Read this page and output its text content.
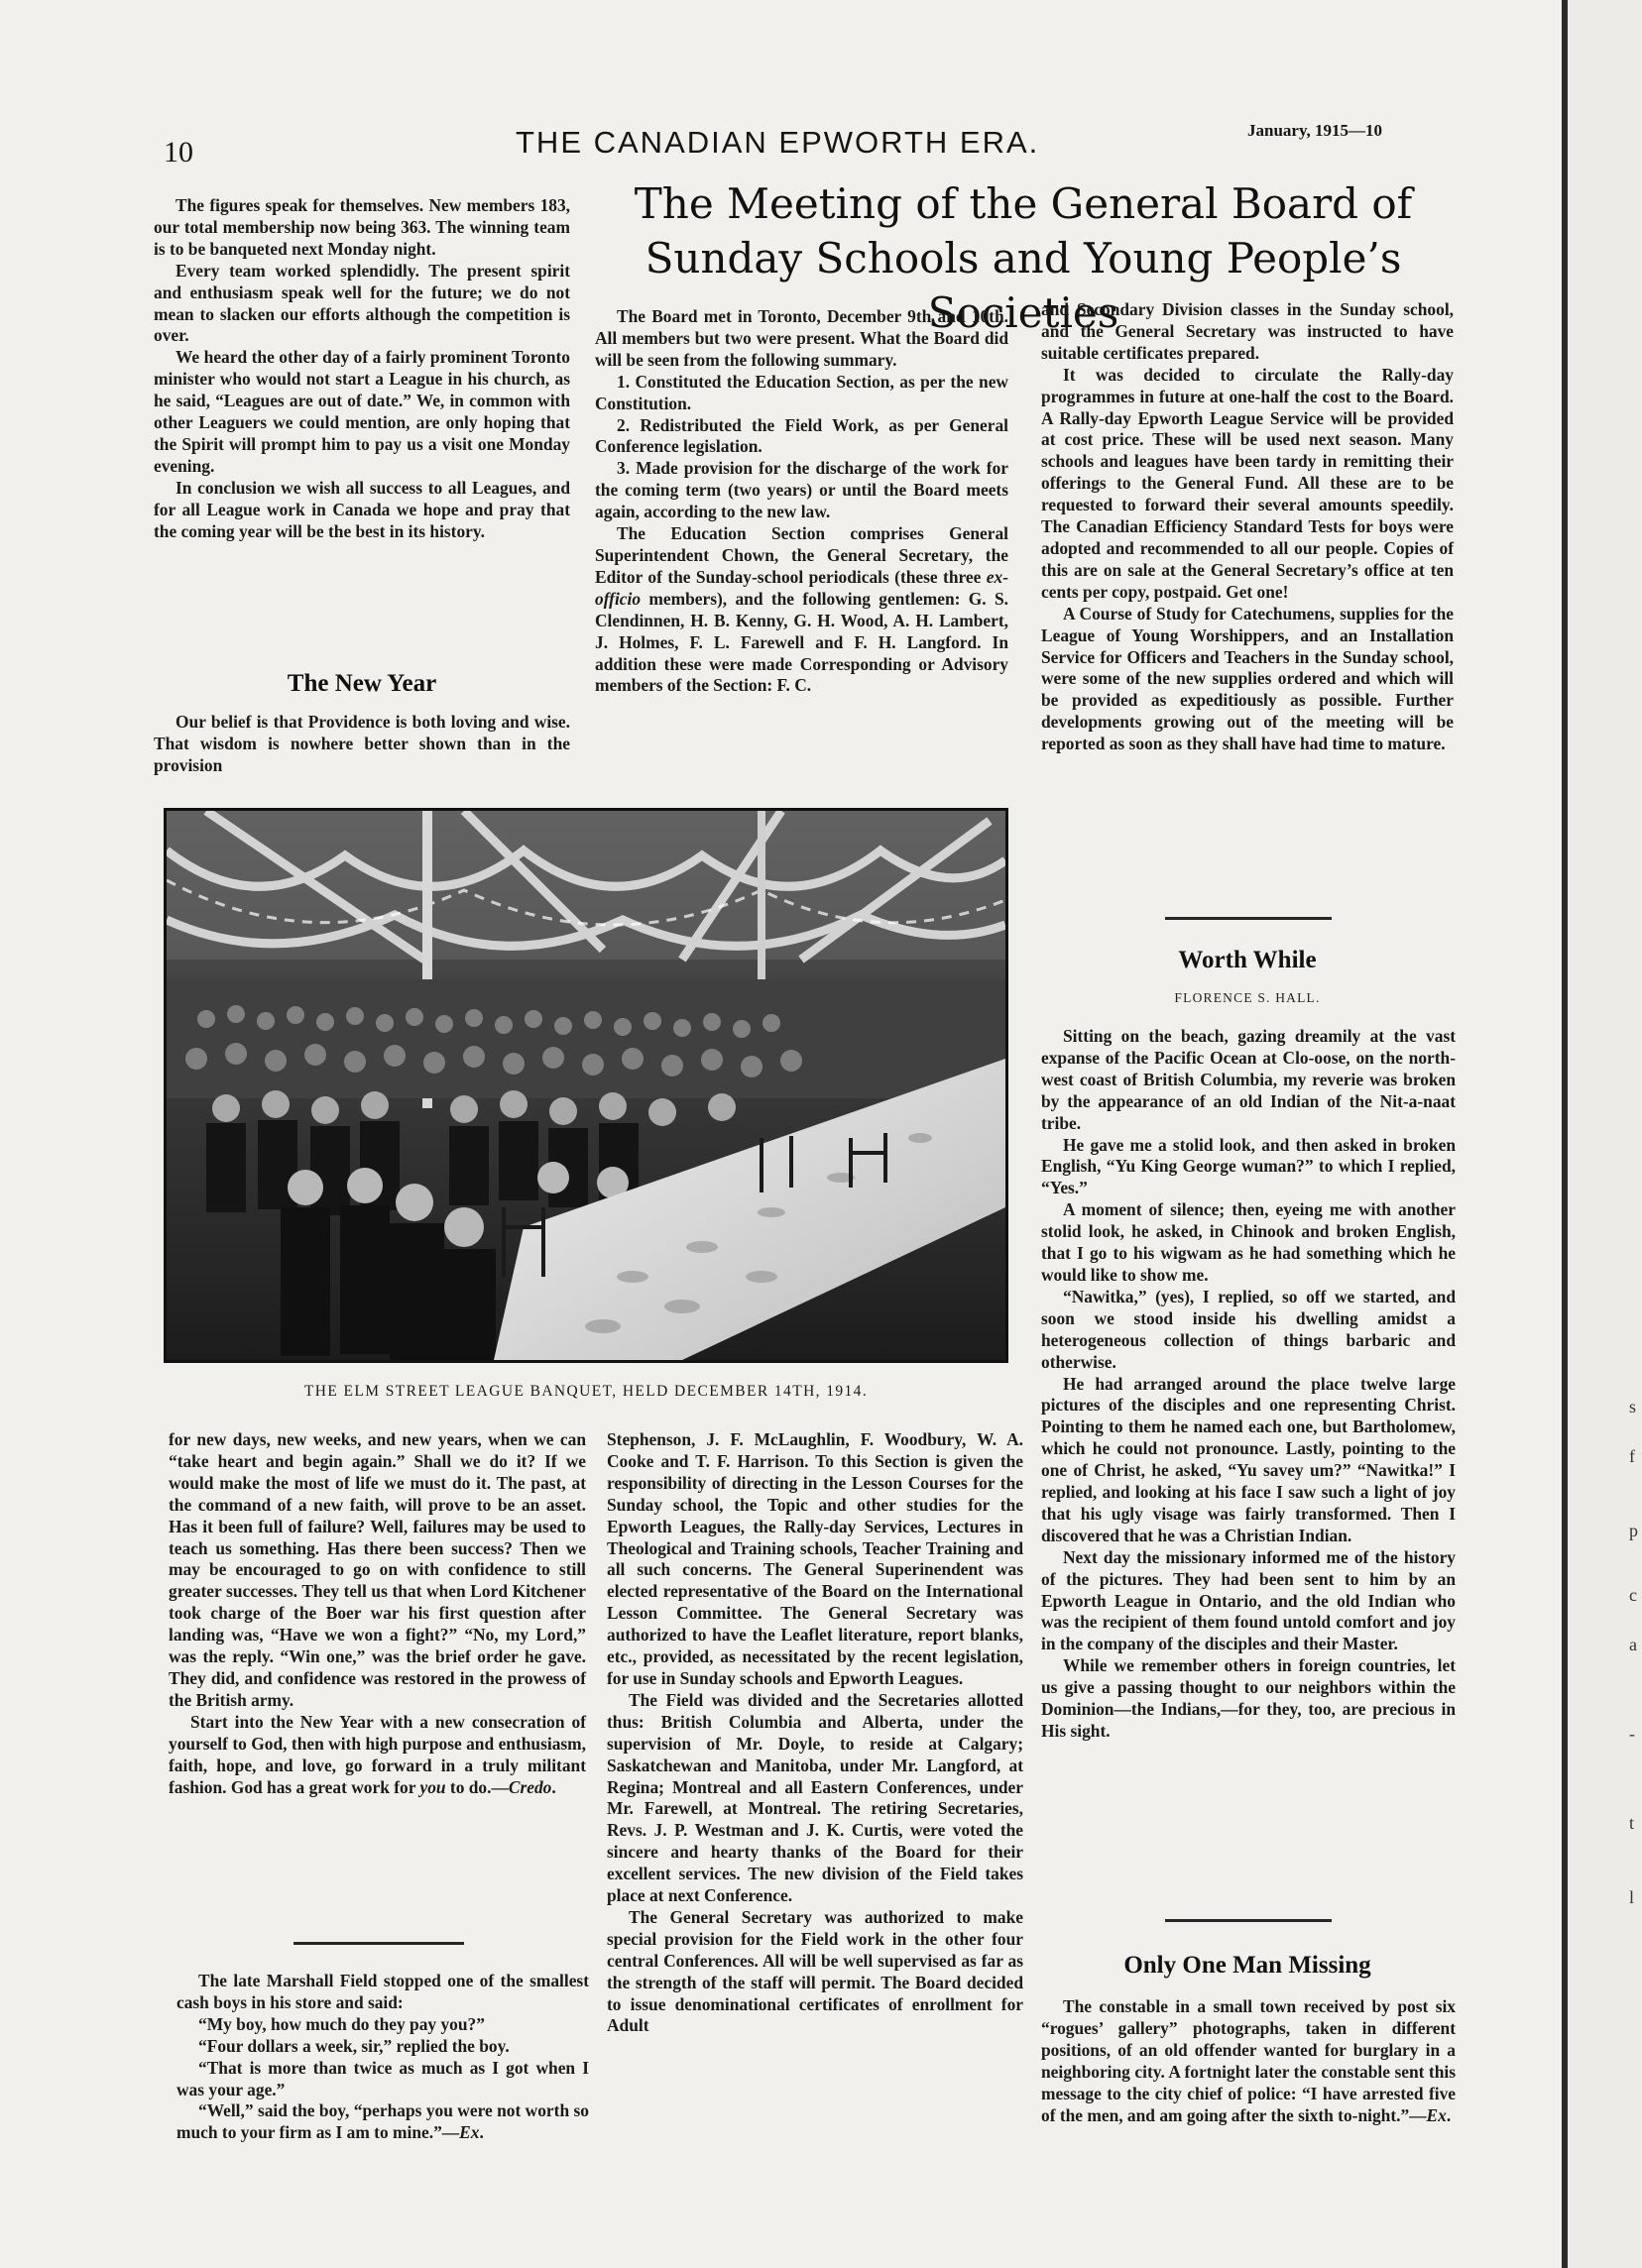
10	THE CANADIAN EPWORTH ERA.	January, 1915—10

The figures speak for themselves. New members 183, our total membership now being 363. The winning team is to be banqueted next Monday night.

Every team worked splendidly. The present spirit and enthusiasm speak well for the future; we do not mean to slacken our efforts although the competition is over.

We heard the other day of a fairly prominent Toronto minister who would not start a League in his church, as he said, “Leagues are out of date.” We, in common with other Leaguers we could mention, are only hoping that the Spirit will prompt him to pay us a visit one Monday evening.

In conclusion we wish all success to all Leagues, and for all League work in Canada we hope and pray that the coming year will be the best in its history.

The New Year

Our belief is that Providence is both loving and wise. That wisdom is nowhere better shown than in the provision

The Meeting of the General Board of Sunday Schools and Young People’s Societies

The Board met in Toronto, December 9th and 10th. All members but two were present. What the Board did will be seen from the following summary.

1. Constituted the Education Section, as per the new Constitution.

2. Redistributed the Field Work, as per General Conference legislation.

3. Made provision for the discharge of the work for the coming term (two years) or until the Board meets again, according to the new law.

The Education Section comprises General Superintendent Chown, the General Secretary, the Editor of the Sunday-school periodicals (these three ex-officio members), and the following gentlemen: G. S. Clendinnen, H. B. Kenny, G. H. Wood, A. H. Lambert, J. Holmes, F. L. Farewell and F. H. Langford. In addition these were made Corresponding or Advisory members of the Section: F. C.

and Secondary Division classes in the Sunday school, and the General Secretary was instructed to have suitable certificates prepared.

It was decided to circulate the Rally-day programmes in future at one-half the cost to the Board. A Rally-day Epworth League Service will be provided at cost price. These will be used next season. Many schools and leagues have been tardy in remitting their offerings to the General Fund. All these are to be requested to forward their several amounts speedily. The Canadian Efficiency Standard Tests for boys were adopted and recommended to all our people. Copies of this are on sale at the General Secretary’s office at ten cents per copy, postpaid. Get one!

A Course of Study for Catechumens, supplies for the League of Young Worshippers, and an Installation Service for Officers and Teachers in the Sunday school, were some of the new supplies ordered and which will be provided as expeditiously as possible. Further developments growing out of the meeting will be reported as soon as they shall have had time to mature.

Worth While
FLORENCE S. HALL.

Sitting on the beach, gazing dreamily at the vast expanse of the Pacific Ocean at Clo-oose, on the north-west coast of British Columbia, my reverie was broken by the appearance of an old Indian of the Nit-a-naat tribe.

He gave me a stolid look, and then asked in broken English, “Yu King George wuman?” to which I replied, “Yes.”

A moment of silence; then, eyeing me with another stolid look, he asked, in Chinook and broken English, that I go to his wigwam as he had something which he would like to show me.

“Nawitka,” (yes), I replied, so off we started, and soon we stood inside his dwelling amidst a heterogeneous collection of things barbaric and otherwise.

He had arranged around the place twelve large pictures of the disciples and one representing Christ. Pointing to them he named each one, but Bartholomew, which he could not pronounce. Lastly, pointing to the one of Christ, he asked, “Yu savey um?” “Nawitka!” I replied, and looking at his face I saw such a light of joy that his ugly visage was fairly transformed. Then I discovered that he was a Christian Indian.

Next day the missionary informed me of the history of the pictures. They had been sent to him by an Epworth League in Ontario, and the old Indian who was the recipient of them found untold comfort and joy in the company of the disciples and their Master.

While we remember others in foreign countries, let us give a passing thought to our neighbors within the Dominion—the Indians,—for they, too, are precious in His sight.

Only One Man Missing

The constable in a small town received by post six “rogues’ gallery” photographs, taken in different positions, of an old offender wanted for burglary in a neighboring city. A fortnight later the constable sent this message to the city chief of police: “I have arrested five of the men, and am going after the sixth to-night.”—Ex.

THE ELM STREET LEAGUE BANQUET, HELD DECEMBER 14TH, 1914.

for new days, new weeks, and new years, when we can “take heart and begin again.” Shall we do it? If we would make the most of life we must do it. The past, at the command of a new faith, will prove to be an asset. Has it been full of failure? Well, failures may be used to teach us something. Has there been success? Then we may be encouraged to go on with confidence to still greater successes. They tell us that when Lord Kitchener took charge of the Boer war his first question after landing was, “Have we won a fight?” “No, my Lord,” was the reply. “Win one,” was the brief order he gave. They did, and confidence was restored in the prowess of the British army.

Start into the New Year with a new consecration of yourself to God, then with high purpose and enthusiasm, faith, hope, and love, go forward in a truly militant fashion. God has a great work for you to do.—Credo.

The late Marshall Field stopped one of the smallest cash boys in his store and said:

“My boy, how much do they pay you?”

“Four dollars a week, sir,” replied the boy.

“That is more than twice as much as I got when I was your age.”

“Well,” said the boy, “perhaps you were not worth so much to your firm as I am to mine.”—Ex.

Stephenson, J. F. McLaughlin, F. Woodbury, W. A. Cooke and T. F. Harrison. To this Section is given the responsibility of directing in the Lesson Courses for the Sunday school, the Topic and other studies for the Epworth Leagues, the Rally-day Services, Lectures in Theological and Training schools, Teacher Training and all such concerns. The General Superinendent was elected representative of the Board on the International Lesson Committee. The General Secretary was authorized to have the Leaflet literature, report blanks, etc., provided, as necessitated by the recent legislation, for use in Sunday schools and Epworth Leagues.

The Field was divided and the Secretaries allotted thus: British Columbia and Alberta, under the supervision of Mr. Doyle, to reside at Calgary; Saskatchewan and Manitoba, under Mr. Langford, at Regina; Montreal and all Eastern Conferences, under Mr. Farewell, at Montreal. The retiring Secretaries, Revs. J. P. Westman and J. K. Curtis, were voted the sincere and hearty thanks of the Board for their excellent services. The new division of the Field takes place at next Conference.

The General Secretary was authorized to make special provision for the Field work in the other four central Conferences. All will be well supervised as far as the strength of the staff will permit. The Board decided to issue denominational certificates of enrollment for Adult

s
f
p
c
a
-
t
l
